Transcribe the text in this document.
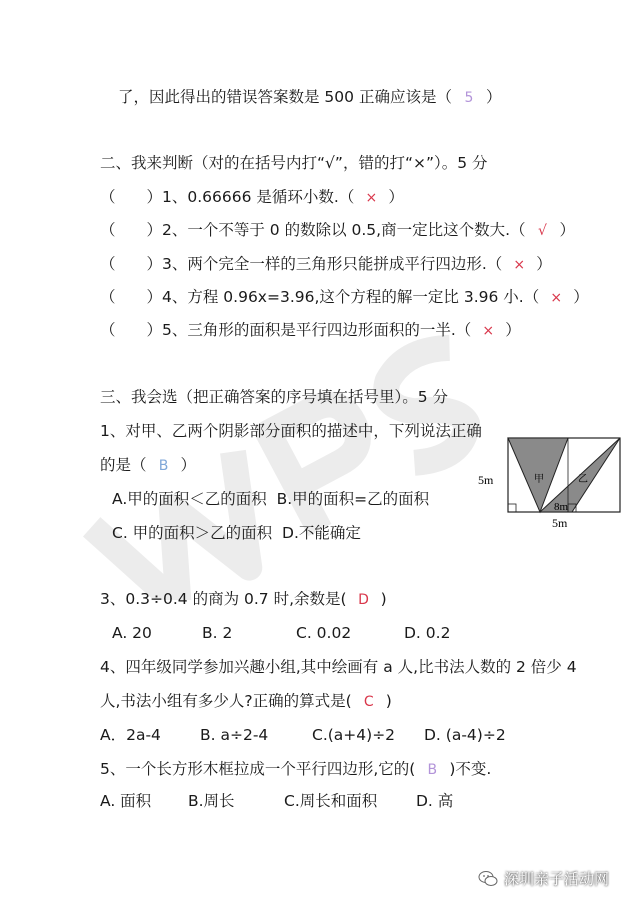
了，因此得出的错误答案数是 500 正确应该是（ 5 ）
二、我来判断（对的在括号内打“√”，错的打“×”）。5 分
（　　）1、0.66666 是循环小数.（ × ）
（　　）2、一个不等于 0 的数除以 0.5,商一定比这个数大.（ √ ）
（　　）3、两个完全一样的三角形只能拼成平行四边形.（ × ）
（　　）4、方程 0.96x=3.96,这个方程的解一定比 3.96 小.（ × ）
（　　）5、三角形的面积是平行四边形面积的一半.（ × ）
三、我会选（把正确答案的序号填在括号里）。5 分
1、对甲、乙两个阴影部分面积的描述中，下列说法正确
的是（ B ）
A.甲的面积＜乙的面积 B.甲的面积=乙的面积
C. 甲的面积＞乙的面积 D.不能确定
5m
8m
5m
甲	乙
3、0.3÷0.4 的商为 0.7 时,余数是( D )
A. 20	B. 2	C. 0.02	D. 0.2
4、四年级同学参加兴趣小组,其中绘画有 a 人,比书法人数的 2 倍少 4
人,书法小组有多少人?正确的算式是( C )
A．2a-4	B. a÷2-4	C.(a+4)÷2 D. (a-4)÷2
5、一个长方形木框拉成一个平行四边形,它的( B )不变.
A. 面积 B.周长	C.周长和面积 D. 高
深圳亲子活动网
